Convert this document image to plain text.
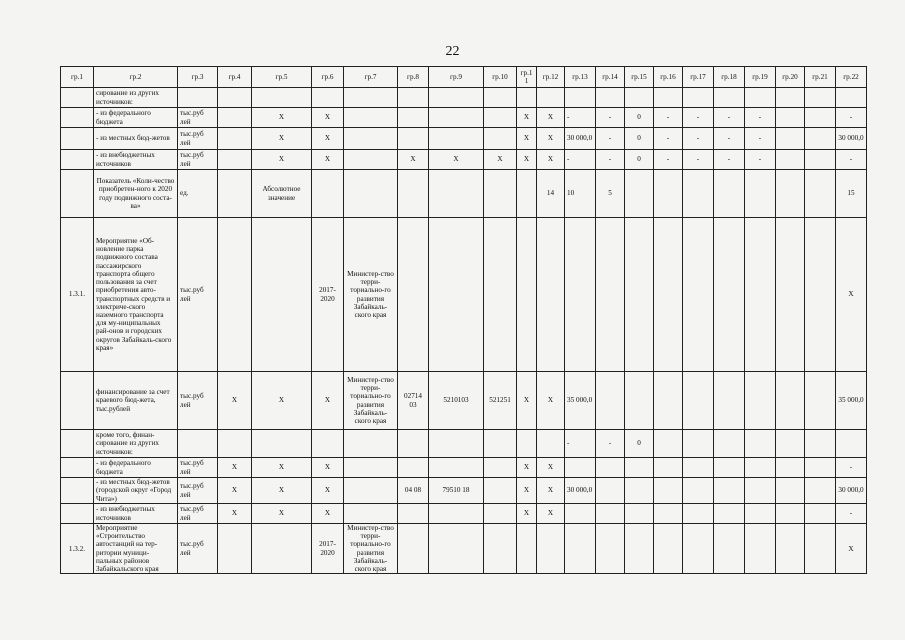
22
гр.1	гр.2	гр.3	гр.4	гр.5	гр.6	гр.7	гр.8	гр.9	гр.10	гр.1 1	гр.12	гр.13	гр.14	гр.15	гр.16	гр.17	гр.18	гр.19	гр.20	гр.21	гр.22
	сирование из других источников:																				
	- из федерального бюджета	тыс.руб лей		X	X					X	X	-	-	0	-	-	-	-			-
	- из местных бюд-жетов	тыс.руб лей		X	X					X	X	30 000,0	-	0	-	-	-	-			30 000,0
	- из внебюджетных источников	тыс.руб лей		X	X		X	X	X	X	X	-	-	0	-	-	-	-			-
	Показатель «Коли-чество приобретен-ного к 2020 году подвижного соста-ва»	ед.		Абсолютное значение							14	10	5								15
1.3.1.	Мероприятие «Об-новление парка подвижного состава пассажирского транспорта общего пользования за счет приобретения авто-транспортных средств и электриче-ского наземного транспорта для му-ниципальных рай-онов и городских округов Забайкаль-ского края»	тыс.руб лей			2017-2020	Министер-ство терри-ториально-го развития Забайкаль-ского края															X
	финансирование за счет краевого бюд-жета, тыс.рублей	тыс.руб лей	X	X	X	Министер-ство терри-ториально-го развития Забайкаль-ского края	02714 03	5210103	521251	X	X	35 000,0									35 000,0
	кроме того, финан-сирование из других источников:											-	-	0							
	- из федерального бюджета	тыс.руб лей	X	X	X					X	X										-
	- из местных бюд-жетов (городской округ «Город Чита»)	тыс.руб лей	X	X	X		04 08	79510 18		X	X	30 000,0									30 000,0
	- из внебюджетных источников	тыс.руб лей	X	X	X					X	X										-
1.3.2.	Мероприятие «Строительство автостанций на тер-ритории муници-пальных районов Забайкальского края	тыс.руб лей			2017-2020	Министер-ство терри-ториально-го развития Забайкаль-ского края															X
